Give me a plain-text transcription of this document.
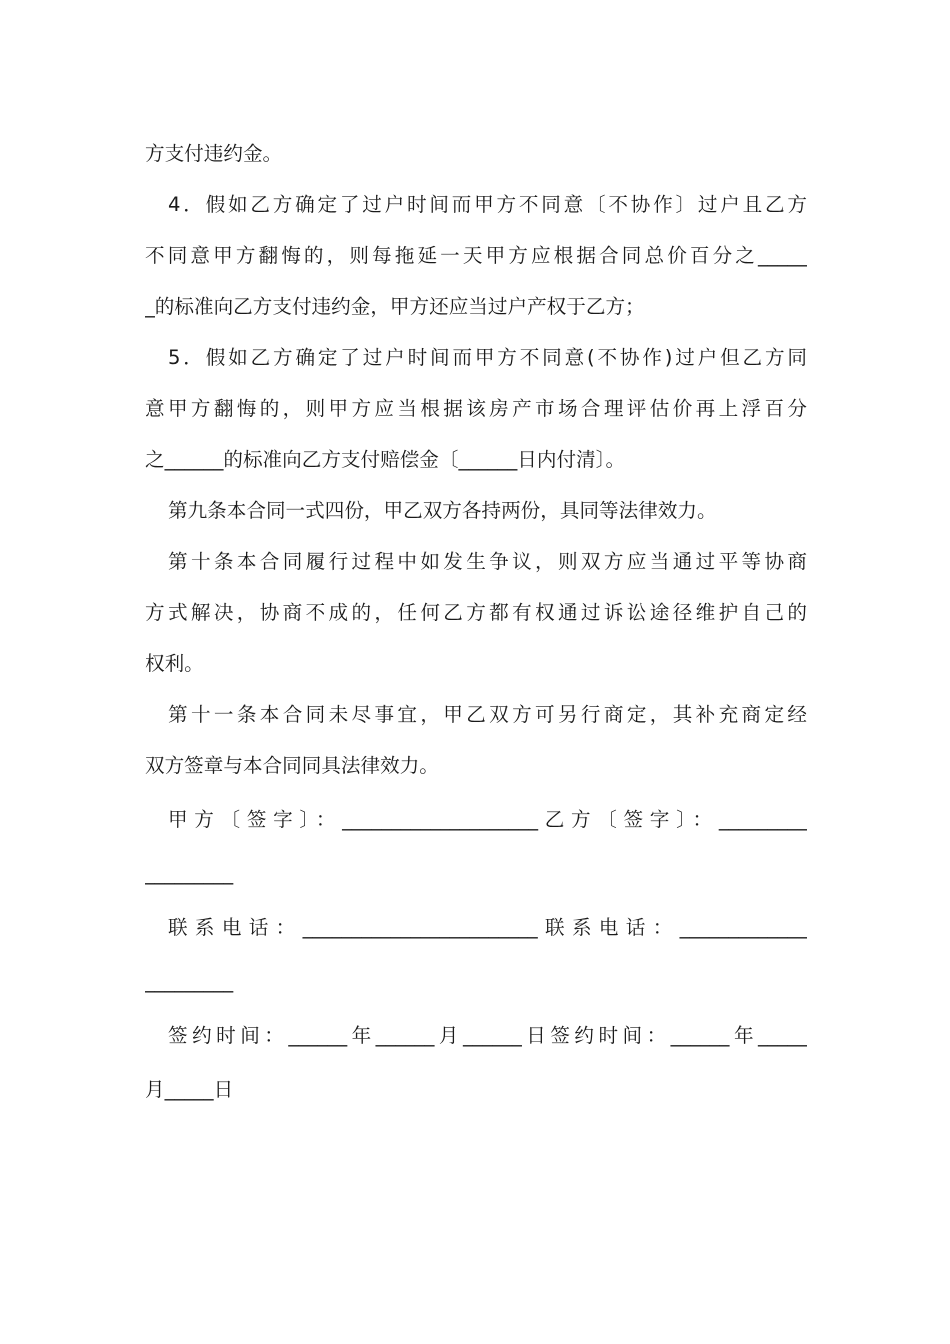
方支付违约金。
4．假如乙方确定了过户时间而甲方不同意〔不协作〕过户且乙方
不同意甲方翻悔的，则每拖延一天甲方应根据合同总价百分之_____
_的标准向乙方支付违约金，甲方还应当过户产权于乙方；
5．假如乙方确定了过户时间而甲方不同意(不协作)过户但乙方同
意甲方翻悔的，则甲方应当根据该房产市场合理评估价再上浮百分
之______的标准向乙方支付赔偿金〔______日内付清〕。
第九条本合同一式四份，甲乙双方各持两份，具同等法律效力。
第十条本合同履行过程中如发生争议，则双方应当通过平等协商
方式解决，协商不成的，任何乙方都有权通过诉讼途径维护自己的
权利。
第十一条本合同未尽事宜，甲乙双方可另行商定，其补充商定经
双方签章与本合同同具法律效力。
甲方〔签字〕：____________________乙方〔签字〕：_________
_________
联系电话：________________________联系电话：_____________
_________
签约时间：______年______月______日签约时间：______年_____
月_____日
